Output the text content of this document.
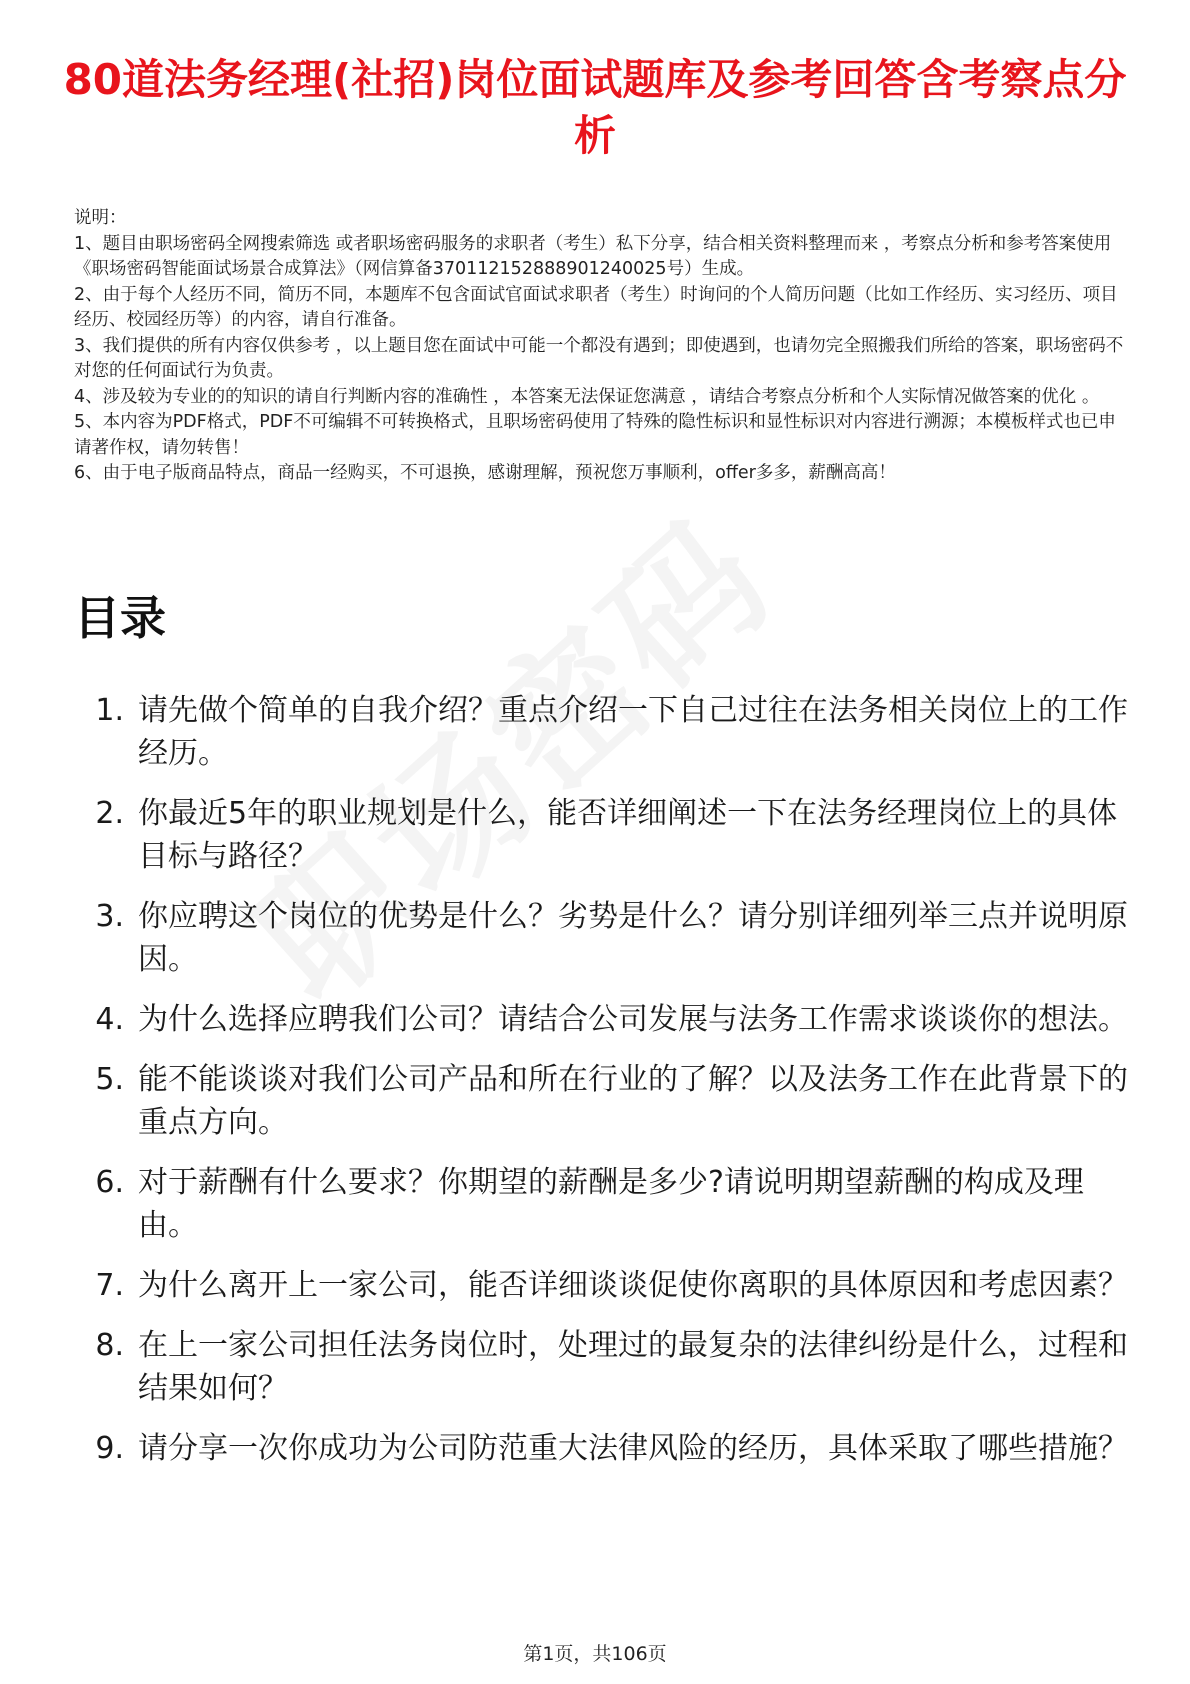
80道法务经理(社招)岗位面试题库及参考回答含考察点分析

说明：

1、题目由职场密码全网搜索筛选 或者职场密码服务的求职者（考生）私下分享，结合相关资料整理而来 ，考察点分析和参考答案使用《职场密码智能面试场景合成算法》（网信算备370112152888901240025号）生成。

2、由于每个人经历不同，简历不同，本题库不包含面试官面试求职者（考生）时询问的个人简历问题（比如工作经历、实习经历、项目经历、校园经历等）的内容，请自行准备。

3、我们提供的所有内容仅供参考 ，以上题目您在面试中可能一个都没有遇到；即使遇到，也请勿完全照搬我们所给的答案，职场密码不对您的任何面试行为负责。

4、涉及较为专业的的知识的请自行判断内容的准确性 ，本答案无法保证您满意 ，请结合考察点分析和个人实际情况做答案的优化 。

5、本内容为PDF格式，PDF不可编辑不可转换格式，且职场密码使用了特殊的隐性标识和显性标识对内容进行溯源；本模板样式也已申请著作权，请勿转售！

6、由于电子版商品特点，商品一经购买，不可退换，感谢理解，预祝您万事顺利，offer多多，薪酬高高！

目录
1. 请先做个简单的自我介绍？重点介绍一下自己过往在法务相关岗位上的工作经历。
2. 你最近5年的职业规划是什么，能否详细阐述一下在法务经理岗位上的具体目标与路径？
3. 你应聘这个岗位的优势是什么？劣势是什么？请分别详细列举三点并说明原因。
4. 为什么选择应聘我们公司？请结合公司发展与法务工作需求谈谈你的想法。
5. 能不能谈谈对我们公司产品和所在行业的了解？以及法务工作在此背景下的重点方向。
6. 对于薪酬有什么要求？你期望的薪酬是多少?请说明期望薪酬的构成及理由。
7. 为什么离开上一家公司，能否详细谈谈促使你离职的具体原因和考虑因素？
8. 在上一家公司担任法务岗位时，处理过的最复杂的法律纠纷是什么，过程和结果如何？
9. 请分享一次你成功为公司防范重大法律风险的经历，具体采取了哪些措施？
第1页，共106页
